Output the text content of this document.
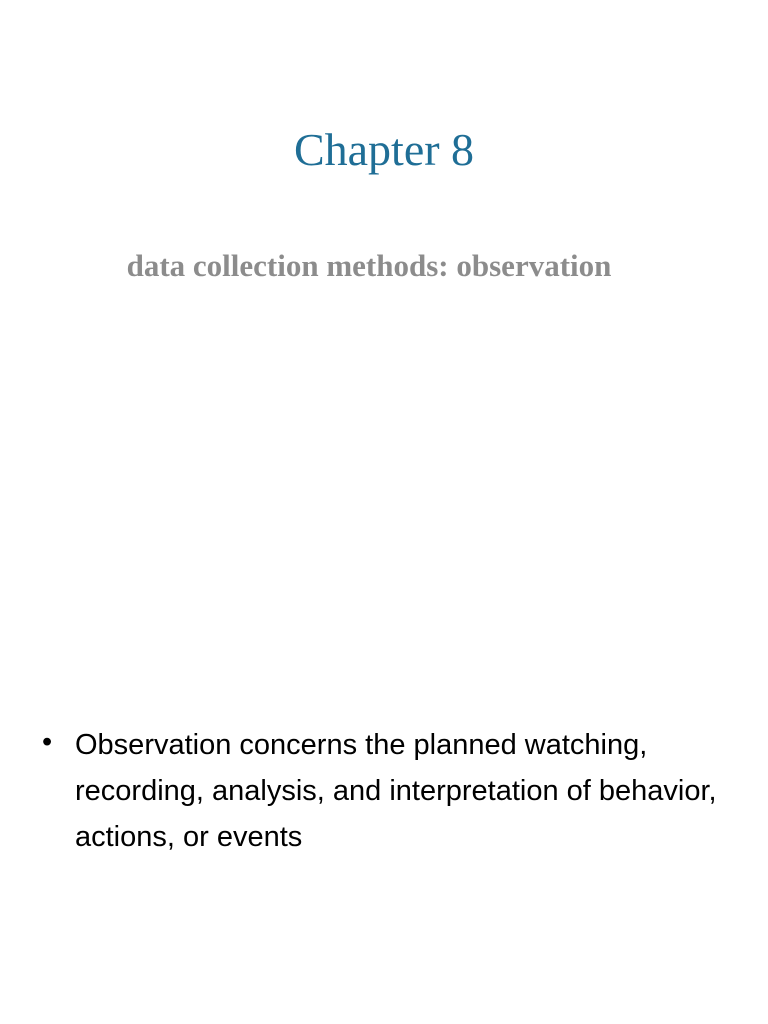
Chapter 8
data collection methods: observation
• Observation concerns the planned watching, recording, analysis, and interpretation of behavior, actions, or events
